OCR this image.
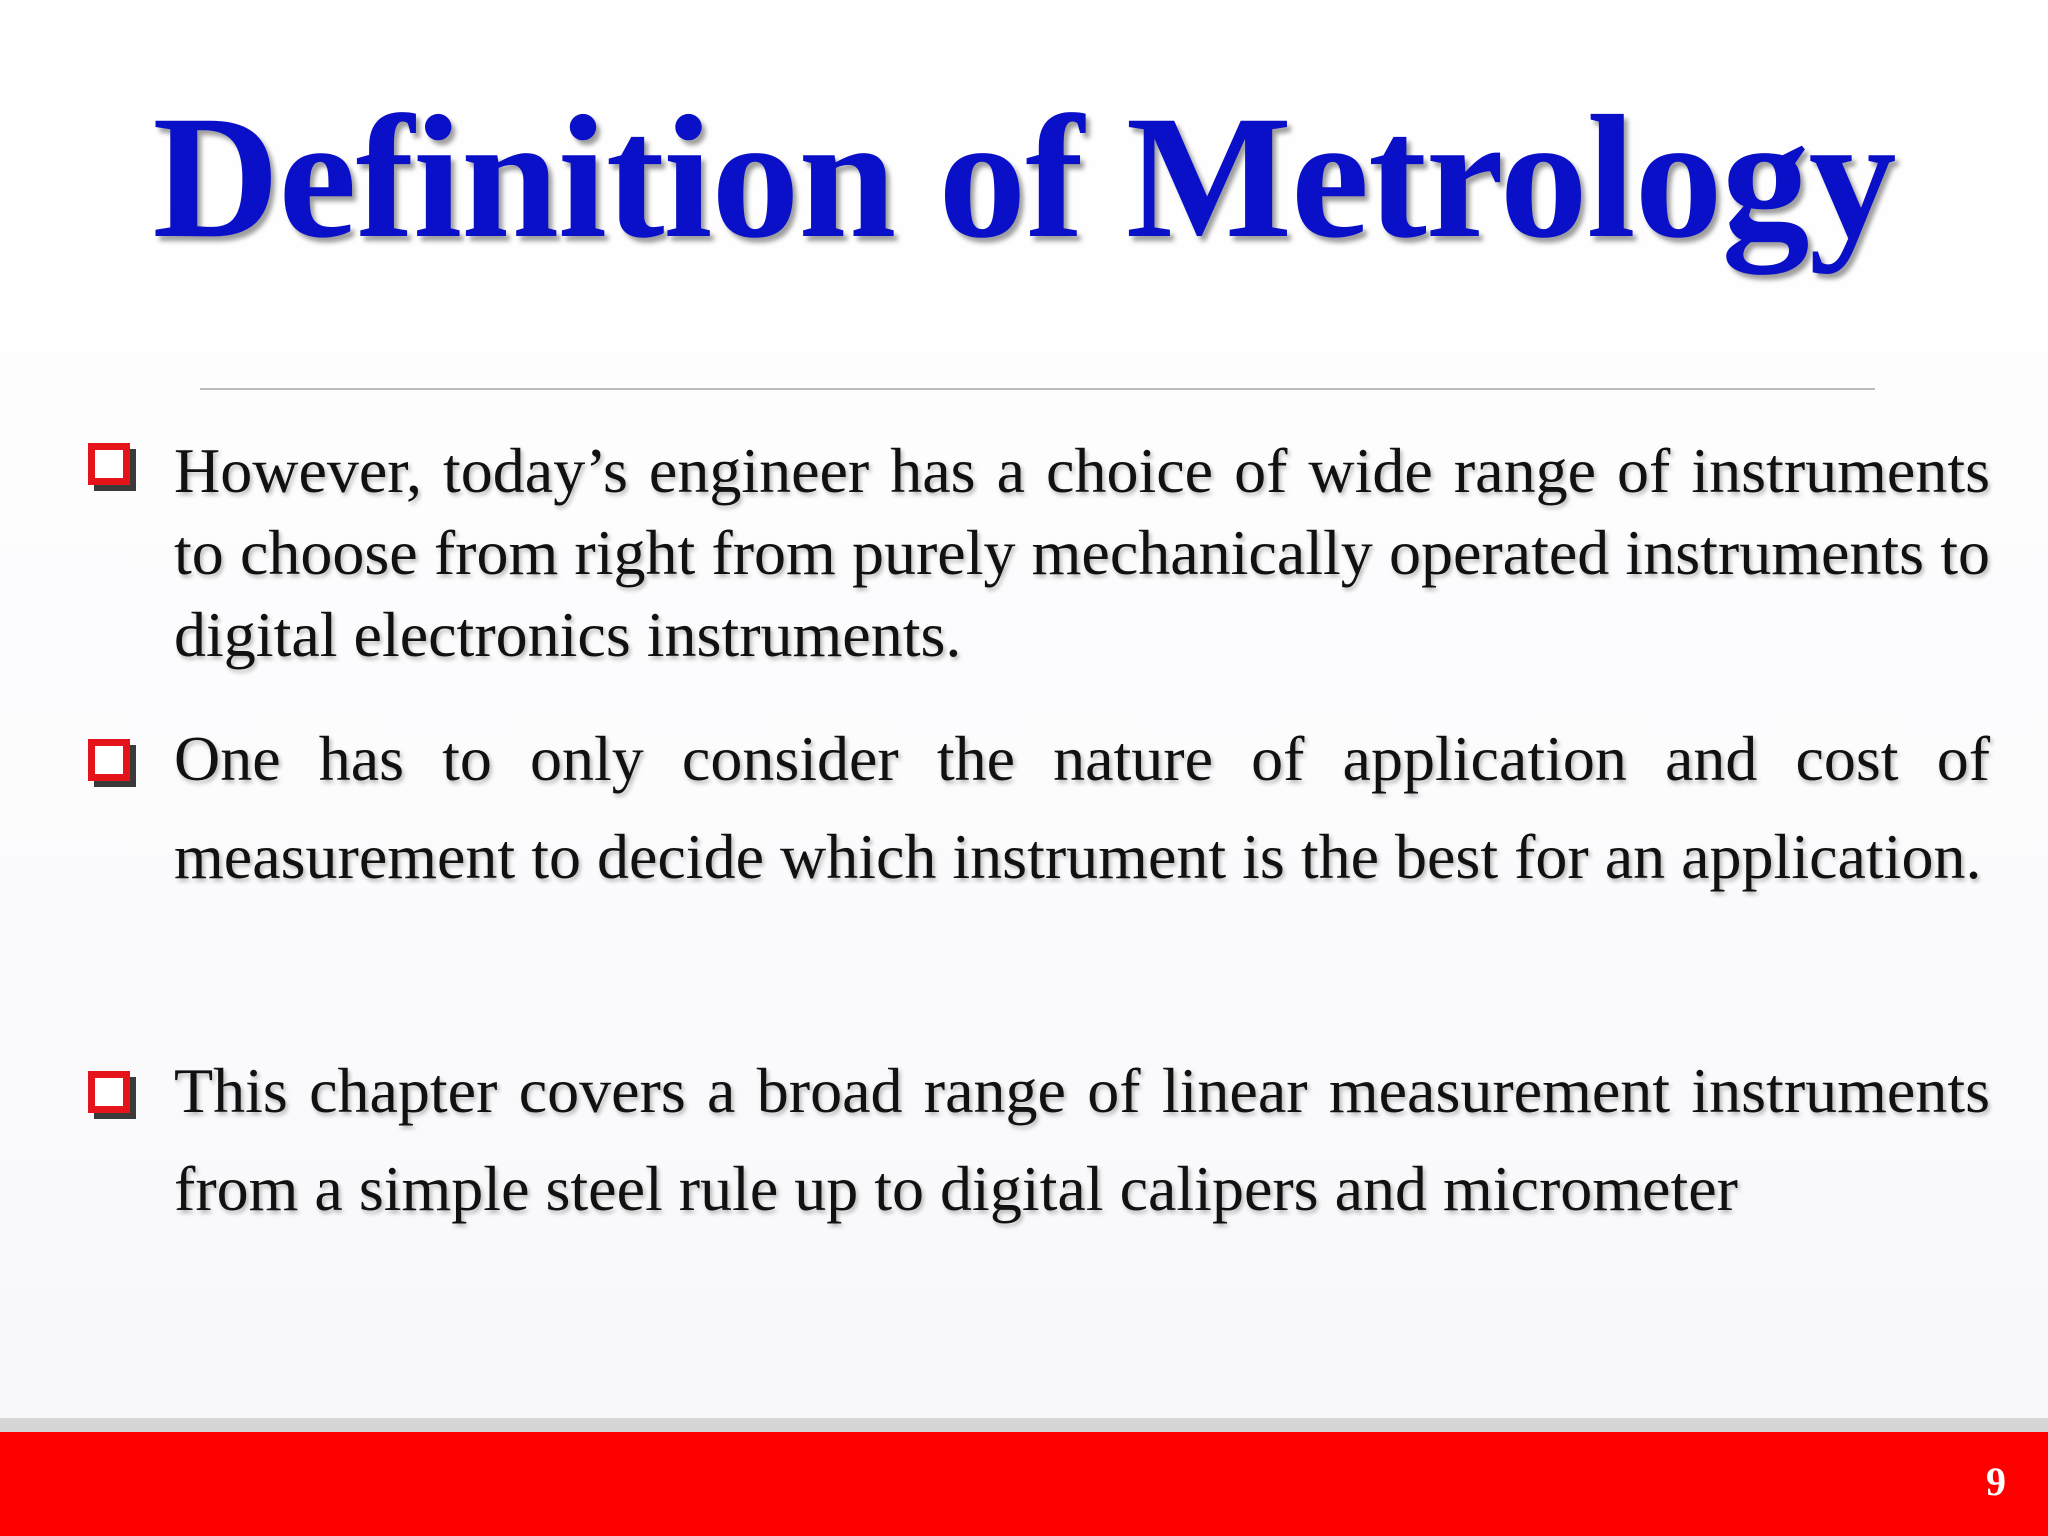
Definition of Metrology
However, today’s engineer has a choice of wide range of instruments to choose from right from purely mechanically operated instruments to digital electronics instruments.
One has to only consider the nature of application and cost of measurement to decide which instrument is the best for an application.
This chapter covers a broad range of linear measurement instruments from a simple steel rule up to digital calipers and micrometer
9
